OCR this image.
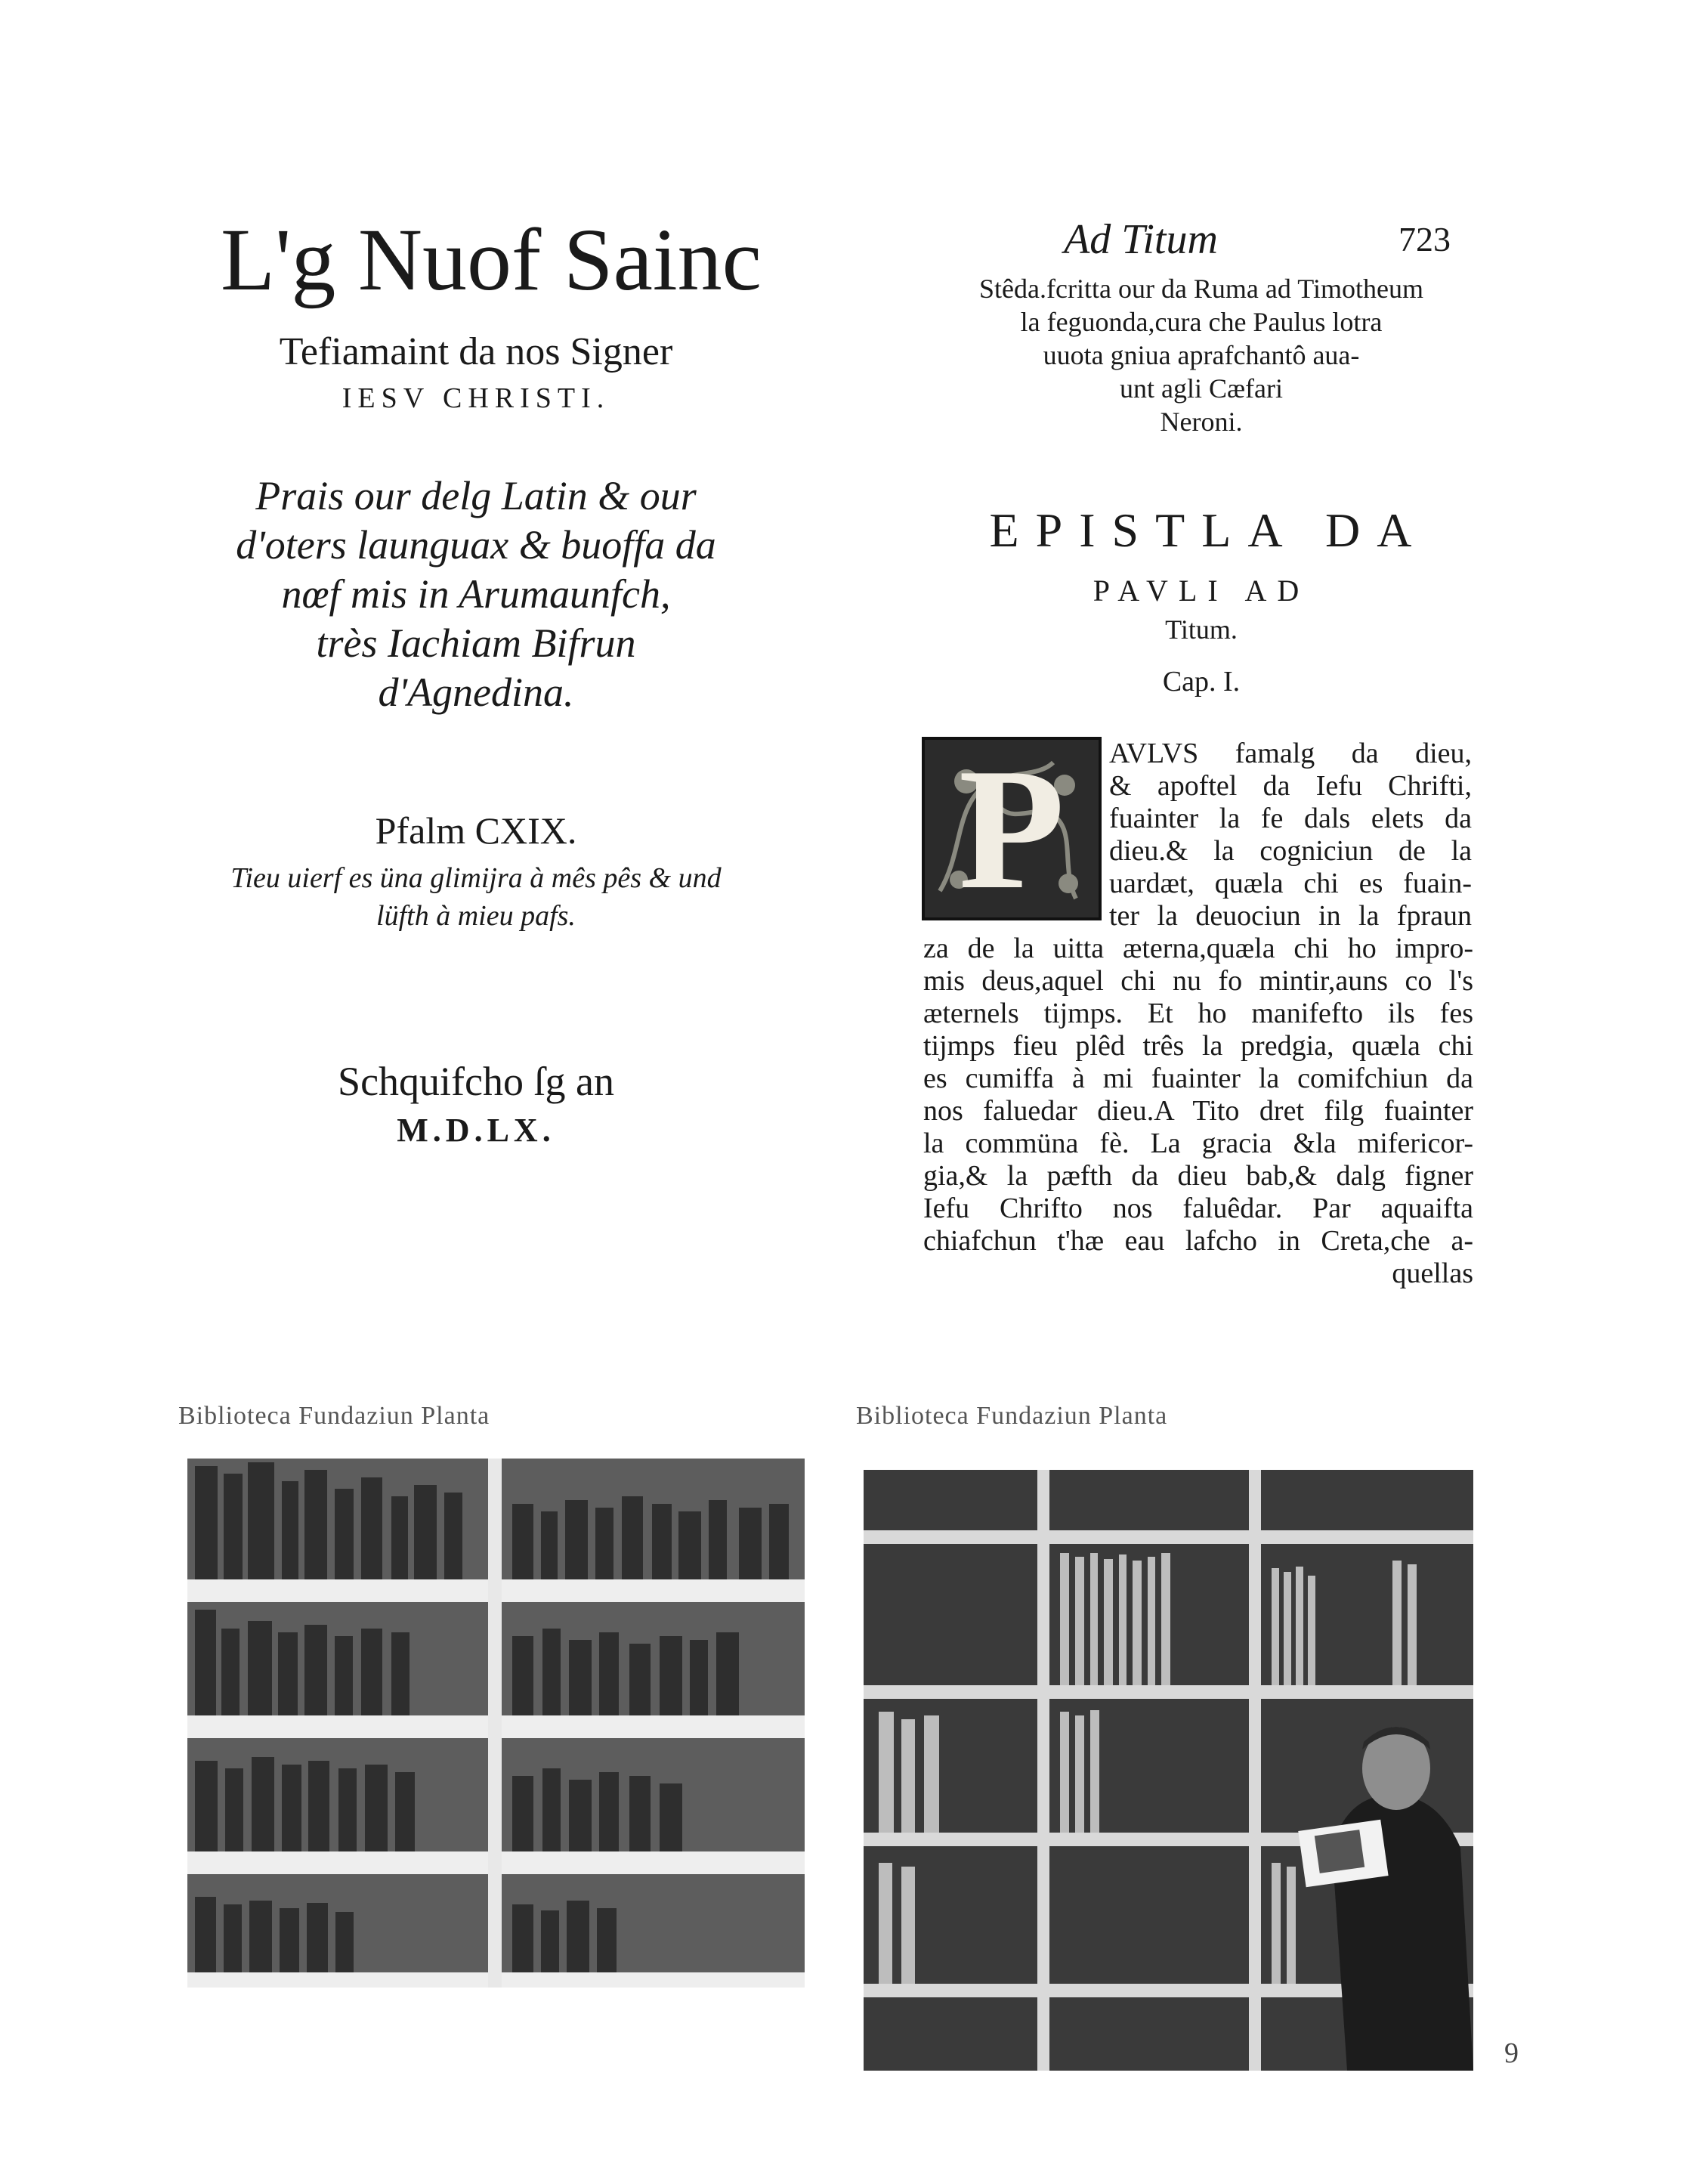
L'g Nuof Sainc
Tefiamaint da nos Signer
IESV CHRISTI.
Prais our delg Latin & our
d'oters launguax & buoffa da
nœf mis in Arumaunfch,
très Iachiam Bifrun
d'Agnedina.
Pfalm CXIX.
Tieu uierf es üna glimijra à mês pês & und
lüfth à mieu pafs.
Schquifcho ſg an
M.D.LX.
Ad Titum	723
Stêda.fcritta our da Ruma ad Timotheum
la feguonda,cura che Paulus lotra
uuota gniua aprafchantô aua-
unt agli Cæfari
Neroni.
EPISTLA DA
PAVLI AD
Titum.
Cap. I.
P	AVLVS famalg da dieu,
& apoftel da Iefu Chrifti,
fuainter la fe dals elets da
dieu.& la cogniciun de la
uardæt, quæla chi es fuain-
ter la deuociun in la fpraun
za de la uitta æterna,quæla chi ho impro-
mis deus,aquel chi nu fo mintir,auns co l's
æternels tijmps. Et ho manifefto ils fes
tijmps fieu plêd três la predgia, quæla chi
es cumiffa à mi fuainter la comifchiun da
nos faluedar dieu.A Tito dret filg fuainter
la commüna fè. La gracia &la mifericor-
gia,& la pæfth da dieu bab,& dalg figner
Iefu Chrifto nos faluêdar. Par aquaifta
chiafchun t'hæ eau lafcho in Creta,che a-
quellas
Biblioteca Fundaziun Planta	Biblioteca Fundaziun Planta
9
